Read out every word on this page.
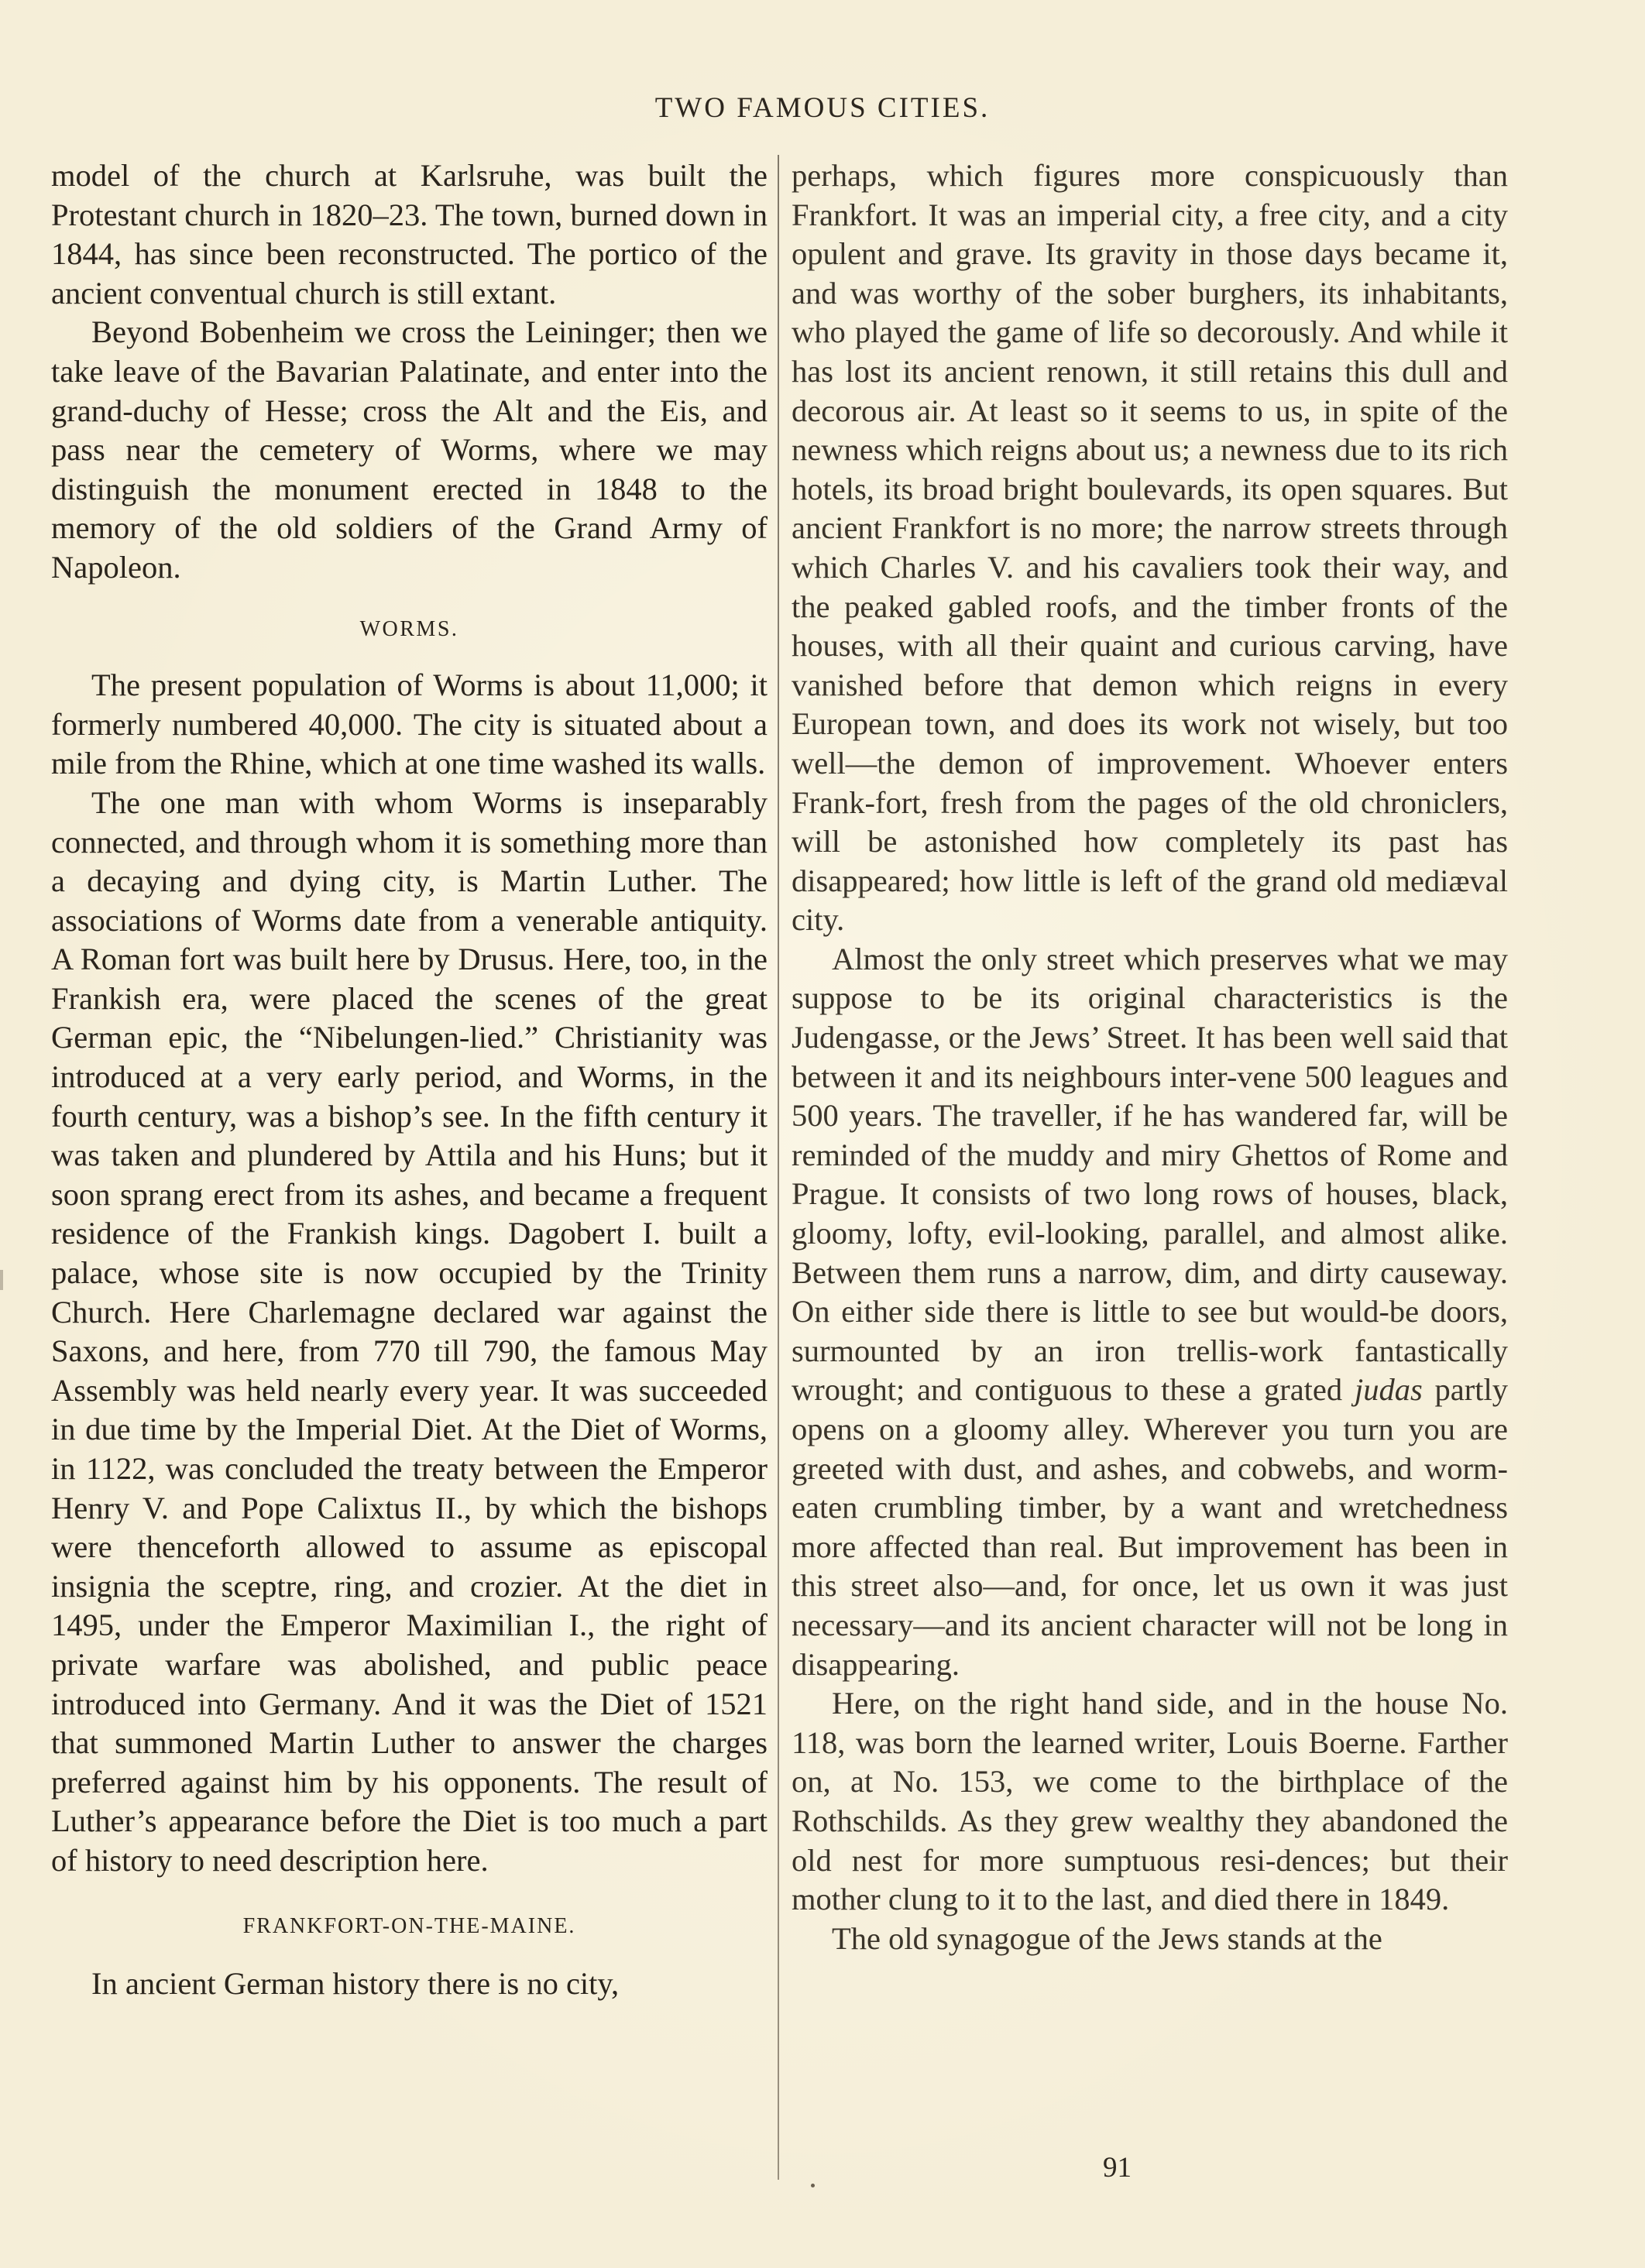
TWO FAMOUS CITIES.

model of the church at Karlsruhe, was built the Protestant church in 1820–23. The town, burned down in 1844, has since been reconstructed. The portico of the ancient conventual church is still extant.

Beyond Bobenheim we cross the Leininger; then we take leave of the Bavarian Palatinate, and enter into the grand-duchy of Hesse; cross the Alt and the Eis, and pass near the cemetery of Worms, where we may distinguish the monument erected in 1848 to the memory of the old soldiers of the Grand Army of Napoleon.

WORMS.

The present population of Worms is about 11,000; it formerly numbered 40,000. The city is situated about a mile from the Rhine, which at one time washed its walls.

The one man with whom Worms is inseparably connected, and through whom it is something more than a decaying and dying city, is Martin Luther. The associations of Worms date from a venerable antiquity. A Roman fort was built here by Drusus. Here, too, in the Frankish era, were placed the scenes of the great German epic, the “Nibelungen-lied.” Christianity was introduced at a very early period, and Worms, in the fourth century, was a bishop’s see. In the fifth century it was taken and plundered by Attila and his Huns; but it soon sprang erect from its ashes, and became a frequent residence of the Frankish kings. Dagobert I. built a palace, whose site is now occupied by the Trinity Church. Here Charlemagne declared war against the Saxons, and here, from 770 till 790, the famous May Assembly was held nearly every year. It was succeeded in due time by the Imperial Diet. At the Diet of Worms, in 1122, was concluded the treaty between the Emperor Henry V. and Pope Calixtus II., by which the bishops were thenceforth allowed to assume as episcopal insignia the sceptre, ring, and crozier. At the diet in 1495, under the Emperor Maximilian I., the right of private warfare was abolished, and public peace introduced into Germany. And it was the Diet of 1521 that summoned Martin Luther to answer the charges preferred against him by his opponents. The result of Luther’s appearance before the Diet is too much a part of history to need description here.

FRANKFORT-ON-THE-MAINE.

In ancient German history there is no city,

perhaps, which figures more conspicuously than Frankfort. It was an imperial city, a free city, and a city opulent and grave. Its gravity in those days became it, and was worthy of the sober burghers, its inhabitants, who played the game of life so decorously. And while it has lost its ancient renown, it still retains this dull and decorous air. At least so it seems to us, in spite of the newness which reigns about us; a newness due to its rich hotels, its broad bright boulevards, its open squares. But ancient Frankfort is no more; the narrow streets through which Charles V. and his cavaliers took their way, and the peaked gabled roofs, and the timber fronts of the houses, with all their quaint and curious carving, have vanished before that demon which reigns in every European town, and does its work not wisely, but too well—the demon of improvement. Whoever enters Frank-fort, fresh from the pages of the old chroniclers, will be astonished how completely its past has disappeared; how little is left of the grand old mediæval city.

Almost the only street which preserves what we may suppose to be its original characteristics is the Judengasse, or the Jews’ Street. It has been well said that between it and its neighbours inter-vene 500 leagues and 500 years. The traveller, if he has wandered far, will be reminded of the muddy and miry Ghettos of Rome and Prague. It consists of two long rows of houses, black, gloomy, lofty, evil-looking, parallel, and almost alike. Between them runs a narrow, dim, and dirty causeway. On either side there is little to see but would-be doors, surmounted by an iron trellis-work fantastically wrought; and contiguous to these a grated judas partly opens on a gloomy alley. Wherever you turn you are greeted with dust, and ashes, and cobwebs, and worm-eaten crumbling timber, by a want and wretchedness more affected than real. But improvement has been in this street also—and, for once, let us own it was just necessary—and its ancient character will not be long in disappearing.

Here, on the right hand side, and in the house No. 118, was born the learned writer, Louis Boerne. Farther on, at No. 153, we come to the birthplace of the Rothschilds. As they grew wealthy they abandoned the old nest for more sumptuous resi-dences; but their mother clung to it to the last, and died there in 1849.

The old synagogue of the Jews stands at the

91
